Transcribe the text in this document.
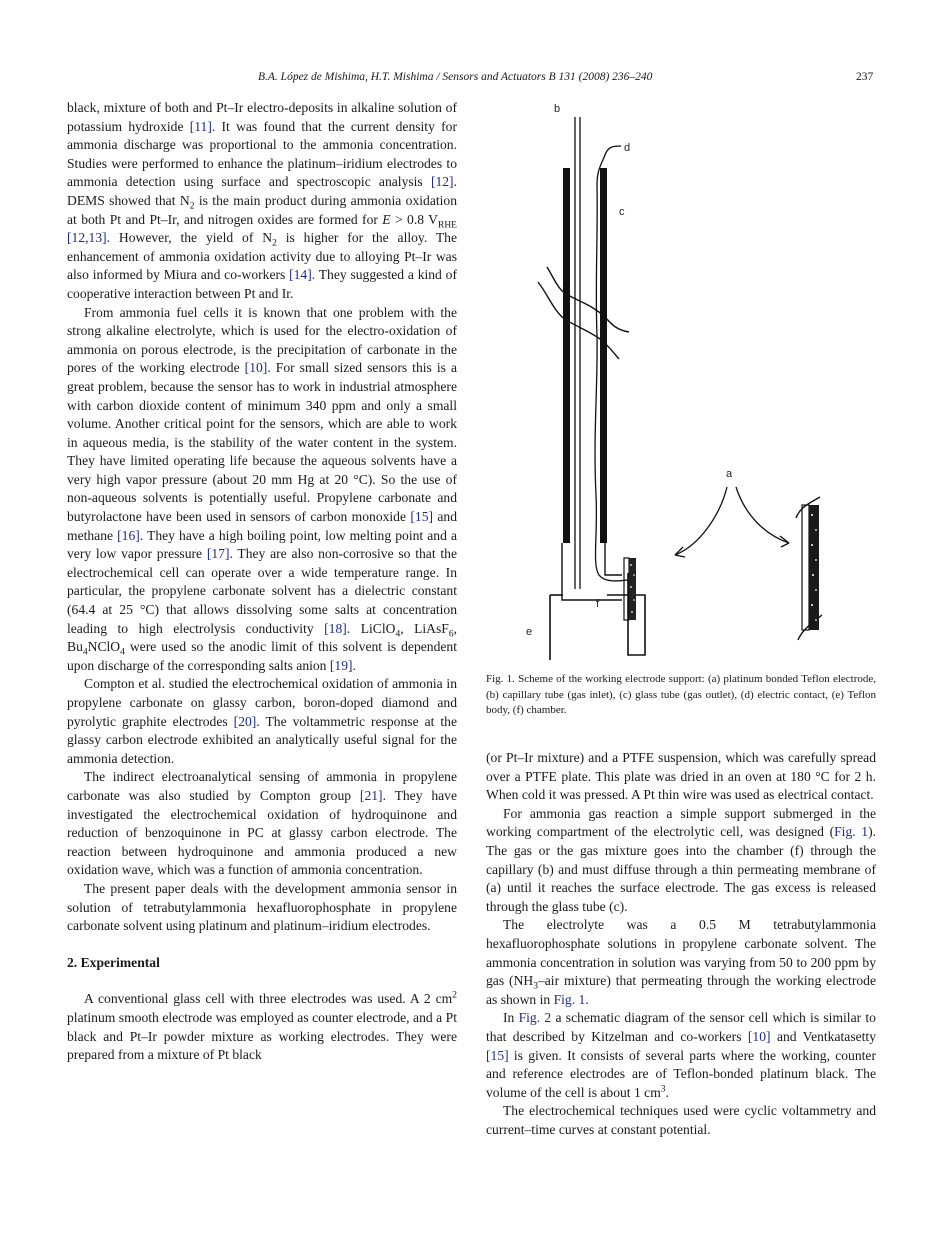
B.A. López de Mishima, H.T. Mishima / Sensors and Actuators B 131 (2008) 236–240	237

black, mixture of both and Pt–Ir electro-deposits in alkaline solution of potassium hydroxide [11]. It was found that the current density for ammonia discharge was proportional to the ammonia concentration. Studies were performed to enhance the platinum–iridium electrodes to ammonia detection using surface and spectroscopic analysis [12]. DEMS showed that $N_2$ is the main product during ammonia oxidation at both Pt and Pt–Ir, and nitrogen oxides are formed for E > 0.8 $V_{RHE}$ [12,13]. However, the yield of $N_2$ is higher for the alloy. The enhancement of ammonia oxidation activity due to alloying Pt–Ir was also informed by Miura and co-workers [14]. They suggested a kind of cooperative interaction between Pt and Ir.

From ammonia fuel cells it is known that one problem with the strong alkaline electrolyte, which is used for the electro-oxidation of ammonia on porous electrode, is the precipitation of carbonate in the pores of the working electrode [10]. For small sized sensors this is a great problem, because the sensor has to work in industrial atmosphere with carbon dioxide content of minimum 340 ppm and only a small volume. Another critical point for the sensors, which are able to work in aqueous media, is the stability of the water content in the system. They have limited operating life because the aqueous solvents have a very high vapor pressure (about 20 mm Hg at 20 °C). So the use of non-aqueous solvents is potentially useful. Propylene carbonate and butyrolactone have been used in sensors of carbon monoxide [15] and methane [16]. They have a high boiling point, low melting point and a very low vapor pressure [17]. They are also non-corrosive so that the electrochemical cell can operate over a wide temperature range. In particular, the propylene carbonate solvent has a dielectric constant (64.4 at 25 °C) that allows dissolving some salts at concentration leading to high electrolysis conductivity [18]. LiClO$_4$, LiAsF$_6$, $Bu_4NClO_4$ were used so the anodic limit of this solvent is dependent upon discharge of the corresponding salts anion [19].

Compton et al. studied the electrochemical oxidation of ammonia in propylene carbonate on glassy carbon, boron-doped diamond and pyrolytic graphite electrodes [20]. The voltammetric response at the glassy carbon electrode exhibited an analytically useful signal for the ammonia detection.

The indirect electroanalytical sensing of ammonia in propylene carbonate was also studied by Compton group [21]. They have investigated the electrochemical oxidation of hydroquinone and reduction of benzoquinone in PC at glassy carbon electrode. The reaction between hydroquinone and ammonia produced a new oxidation wave, which was a function of ammonia concentration.

The present paper deals with the development ammonia sensor in solution of tetrabutylammonia hexafluorophosphate in propylene carbonate solvent using platinum and platinum–iridium electrodes.

2. Experimental

A conventional glass cell with three electrodes was used. A 2 $cm^2$ platinum smooth electrode was employed as counter electrode, and a Pt black and Pt–Ir powder mixture as working electrodes. They were prepared from a mixture of Pt black

b
d
c
a
f
e
Fig. 1. Scheme of the working electrode support: (a) platinum bonded Teflon electrode, (b) capillary tube (gas inlet), (c) glass tube (gas outlet), (d) electric contact, (e) Teflon body, (f) chamber.

(or Pt–Ir mixture) and a PTFE suspension, which was carefully spread over a PTFE plate. This plate was dried in an oven at 180 °C for 2 h. When cold it was pressed. A Pt thin wire was used as electrical contact.

For ammonia gas reaction a simple support submerged in the working compartment of the electrolytic cell, was designed (Fig. 1). The gas or the gas mixture goes into the chamber (f) through the capillary (b) and must diffuse through a thin permeating membrane of (a) until it reaches the surface electrode. The gas excess is released through the glass tube (c).

The electrolyte was a 0.5 M tetrabutylammonia hexafluorophosphate solutions in propylene carbonate solvent. The ammonia concentration in solution was varying from 50 to 200 ppm by gas ($NH_3$–air mixture) that permeating through the working electrode as shown in Fig. 1.

In Fig. 2 a schematic diagram of the sensor cell which is similar to that described by Kitzelman and co-workers [10] and Ventkatasetty [15] is given. It consists of several parts where the working, counter and reference electrodes are of Teflon-bonded platinum black. The volume of the cell is about 1 $cm^3$.

The electrochemical techniques used were cyclic voltammetry and current–time curves at constant potential.
